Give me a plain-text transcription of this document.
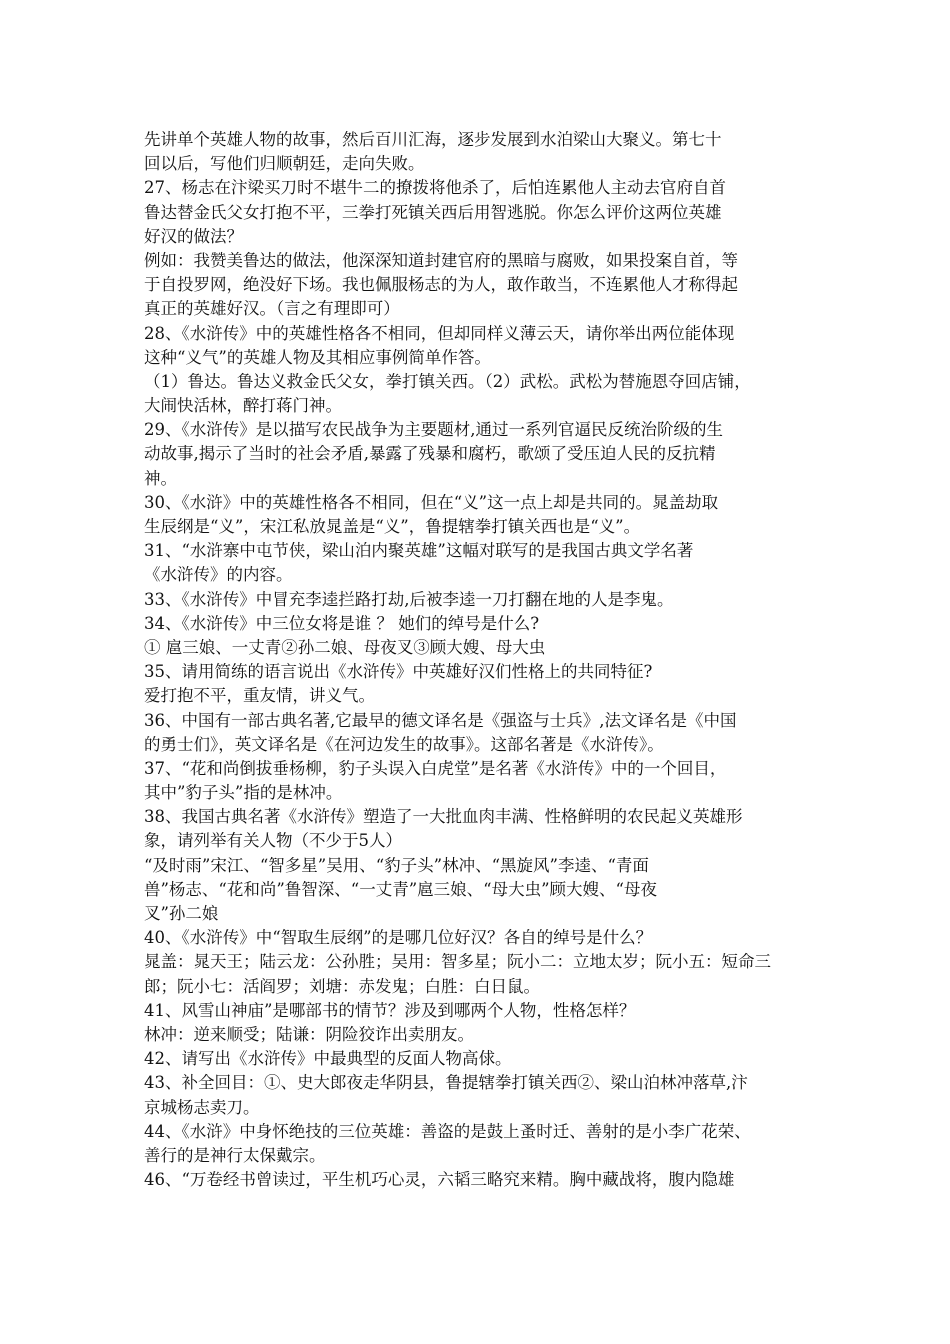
先讲单个英雄人物的故事，然后百川汇海，逐步发展到水泊梁山大聚义。第七十
回以后，写他们归顺朝廷，走向失败。
27、杨志在汴梁买刀时不堪牛二的撩拨将他杀了，后怕连累他人主动去官府自首
鲁达替金氏父女打抱不平，三拳打死镇关西后用智逃脱。你怎么评价这两位英雄
好汉的做法？
例如：我赞美鲁达的做法，他深深知道封建官府的黑暗与腐败，如果投案自首，等
于自投罗网，绝没好下场。我也佩服杨志的为人，敢作敢当，不连累他人才称得起
真正的英雄好汉。（言之有理即可）
28、《水浒传》中的英雄性格各不相同，但却同样义薄云天，请你举出两位能体现
这种“义气”的英雄人物及其相应事例简单作答。
（1）鲁达。鲁达义救金氏父女，拳打镇关西。（2）武松。武松为替施恩夺回店铺，
大闹快活林，醉打蒋门神。
29、《水浒传》是以描写农民战争为主要题材,通过一系列官逼民反统治阶级的生
动故事,揭示了当时的社会矛盾,暴露了残暴和腐朽，歌颂了受压迫人民的反抗精
神。
30、《水浒》中的英雄性格各不相同，但在“义”这一点上却是共同的。晁盖劫取
生辰纲是“义”，宋江私放晁盖是“义”，鲁提辖拳打镇关西也是“义”。
31、“水浒寨中屯节侠，梁山泊内聚英雄”这幅对联写的是我国古典文学名著
《水浒传》的内容。
33、《水浒传》中冒充李逵拦路打劫,后被李逵一刀打翻在地的人是李鬼。
34、《水浒传》中三位女将是谁 ？ 她们的绰号是什么?
① 扈三娘、一丈青②孙二娘、母夜叉③顾大嫂、母大虫
35、请用简练的语言说出《水浒传》中英雄好汉们性格上的共同特征?
爱打抱不平，重友情，讲义气。
36、中国有一部古典名著,它最早的德文译名是《强盗与士兵》,法文译名是《中国
的勇士们》，英文译名是《在河边发生的故事》。这部名著是《水浒传》。
37、“花和尚倒拔垂杨柳，豹子头误入白虎堂”是名著《水浒传》中的一个回目，
其中”豹子头”指的是林冲。
38、我国古典名著《水浒传》塑造了一大批血肉丰满、性格鲜明的农民起义英雄形
象，请列举有关人物（不少于5人）
“及时雨”宋江、“智多星”吴用、“豹子头”林冲、“黑旋风”李逵、“青面
兽”杨志、“花和尚”鲁智深、“一丈青”扈三娘、“母大虫”顾大嫂、“母夜
叉”孙二娘
40、《水浒传》中“智取生辰纲”的是哪几位好汉？各自的绰号是什么？
晁盖：晁天王；陆云龙：公孙胜；吴用：智多星；阮小二：立地太岁；阮小五：短命三
郎；阮小七：活阎罗；刘塘：赤发鬼；白胜：白日鼠。
41、风雪山神庙”是哪部书的情节？涉及到哪两个人物，性格怎样？
林冲：逆来顺受；陆谦：阴险狡诈出卖朋友。
42、请写出《水浒传》中最典型的反面人物高俅。
43、补全回目：①、史大郎夜走华阴县，鲁提辖拳打镇关西②、梁山泊林冲落草,汴
京城杨志卖刀。
44、《水浒》中身怀绝技的三位英雄：善盗的是鼓上蚤时迁、善射的是小李广花荣、
善行的是神行太保戴宗。
46、“万卷经书曾读过，平生机巧心灵，六韬三略究来精。胸中藏战将，腹内隐雄
